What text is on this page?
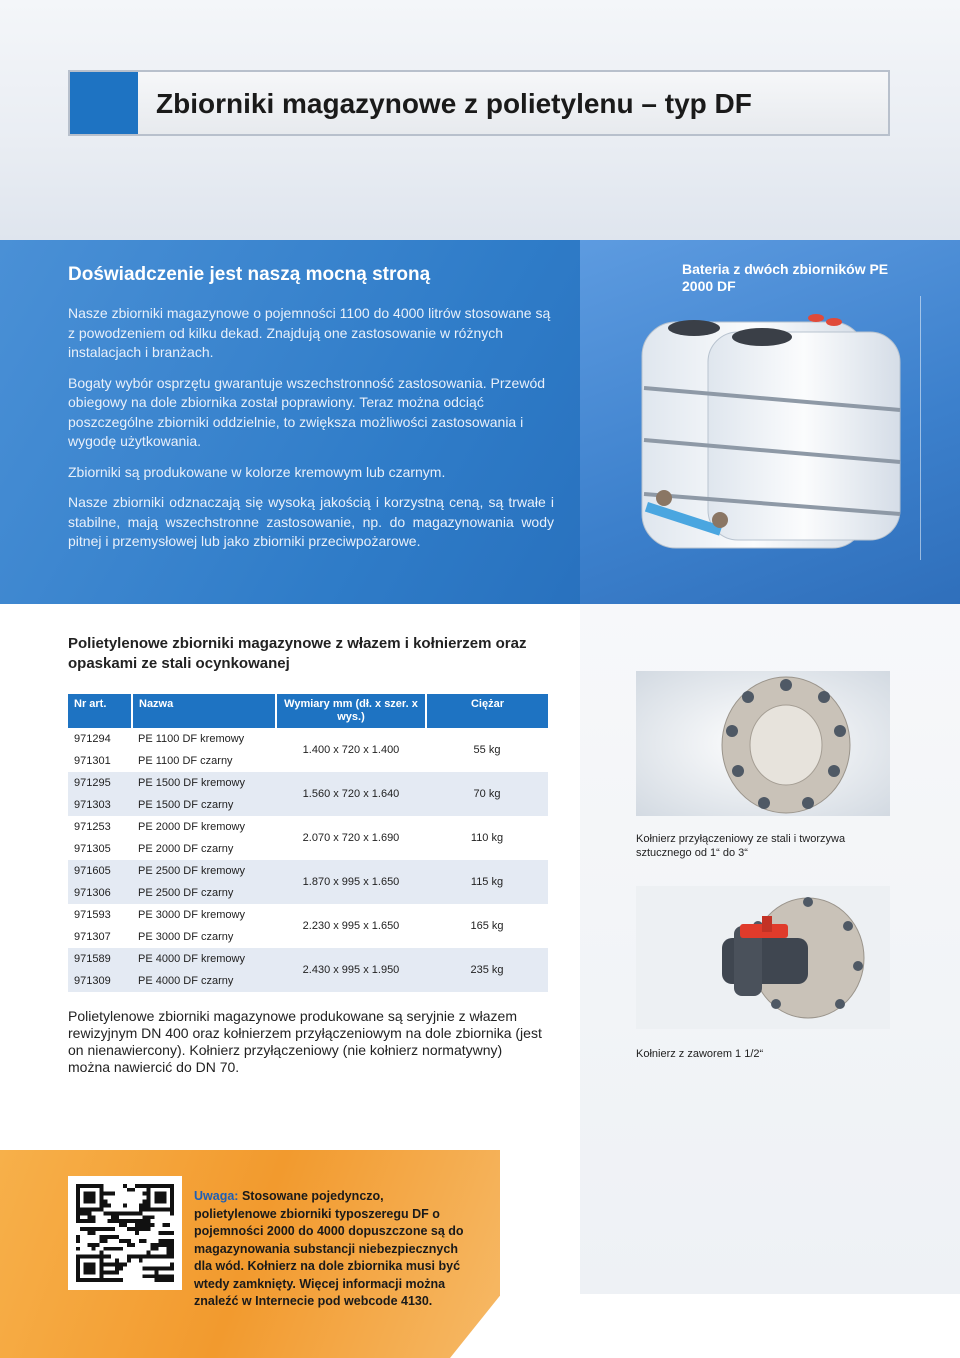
Zbiorniki magazynowe z polietylenu – typ DF
Doświadczenie jest naszą mocną stroną

Nasze zbiorniki magazynowe o pojemności 1100 do 4000 litrów stosowane są z powodzeniem od kilku dekad. Znajdują one zastosowanie w różnych instalacjach i branżach.

Bogaty wybór osprzętu gwarantuje wszechstronność zastosowania. Przewód obiegowy na dole zbiornika został poprawiony. Teraz można odciąć poszczególne zbiorniki oddzielnie, to zwiększa możliwości zastosowania i wygodę użytkowania.

Zbiorniki są produkowane w kolorze kremowym lub czarnym.

Nasze zbiorniki odznaczają się wysoką jakością i korzystną ceną, są trwałe i stabilne, mają wszechstronne zastosowanie, np. do magazynowania wody pitnej i przemysłowej lub jako zbiorniki przeciwpożarowe.

Bateria z dwóch zbiorników PE 2000 DF
Polietylenowe zbiorniki magazynowe z włazem i kołnierzem oraz opaskami ze stali ocynkowanej
Nr art.	Nazwa	Wymiary mm (dł. x szer. x wys.)	Ciężar
971294	PE 1100 DF kremowy	1.400 x 720 x 1.400	55 kg
971301	PE 1100 DF czarny		
971295	PE 1500 DF kremowy	1.560 x 720 x 1.640	70 kg
971303	PE 1500 DF czarny		
971253	PE 2000 DF kremowy	2.070 x 720 x 1.690	110 kg
971305	PE 2000 DF czarny		
971605	PE 2500 DF kremowy	1.870 x 995 x 1.650	115 kg
971306	PE 2500 DF czarny		
971593	PE 3000 DF kremowy	2.230 x 995 x 1.650	165 kg
971307	PE 3000 DF czarny		
971589	PE 4000 DF kremowy	2.430 x 995 x 1.950	235 kg
971309	PE 4000 DF czarny		
Polietylenowe zbiorniki magazynowe produkowane są seryjnie z włazem rewizyjnym DN 400 oraz kołnierzem przyłączeniowym na dole zbiornika (jest on nienawiercony). Kołnierz przyłączeniowy (nie kołnierz normatywny) można nawiercić do DN 70.
Kołnierz przyłączeniowy ze stali i tworzywa sztucznego od 1“ do 3“
Kołnierz z zaworem 1 1/2“
Uwaga: Stosowane pojedynczo, polietylenowe zbiorniki typoszeregu DF o pojemności 2000 do 4000 dopuszczone są do magazynowania substancji niebezpiecznych dla wód. Kołnierz na dole zbiornika musi być wtedy zamknięty. Więcej informacji można znaleźć w Internecie pod webcode 4130.
